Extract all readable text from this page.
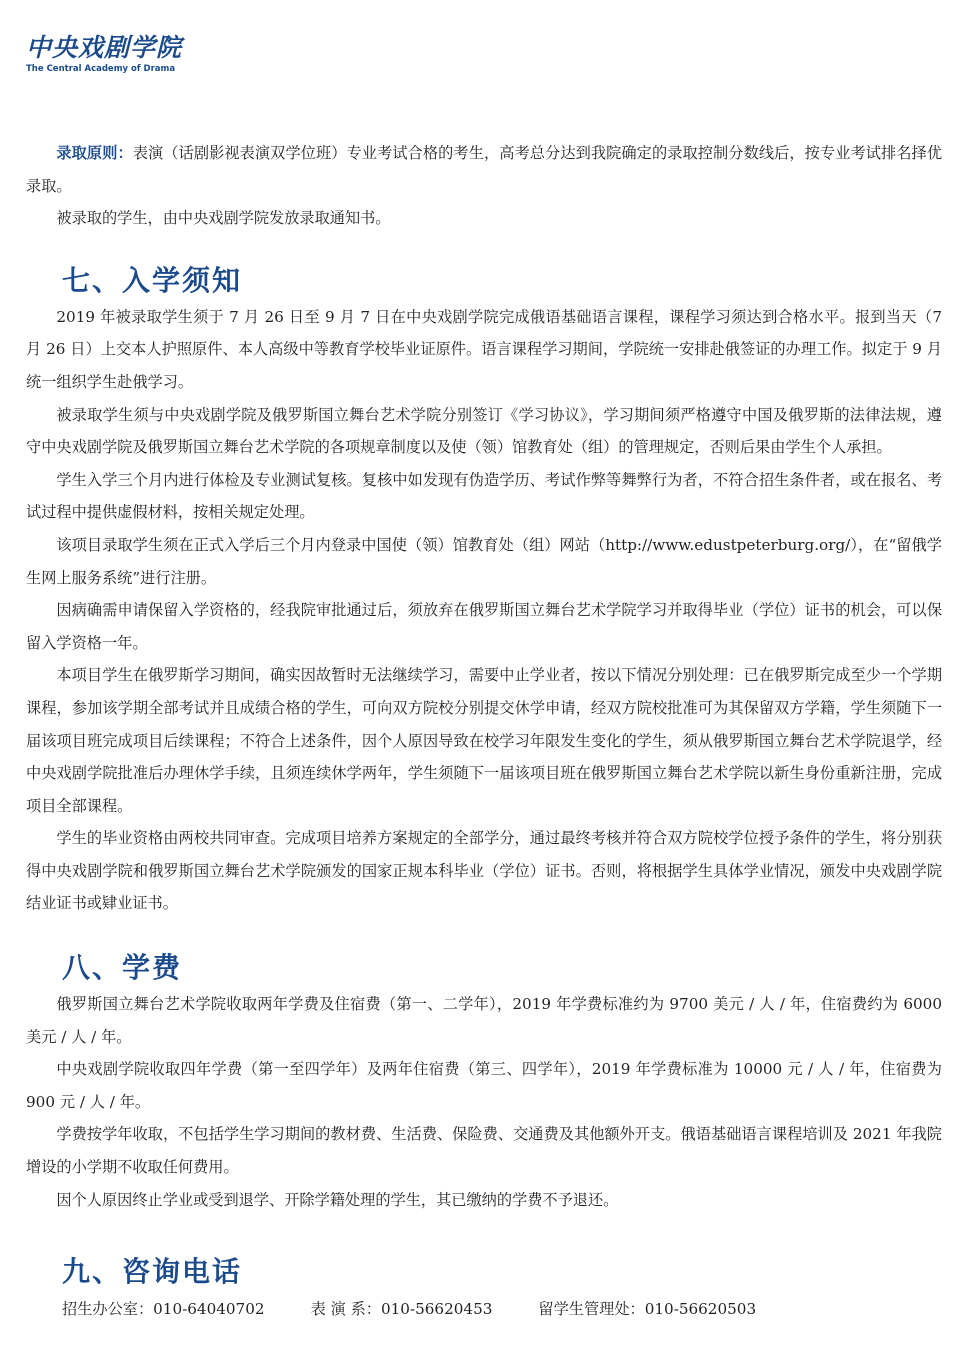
中央戏剧学院
The Central Academy of Drama

录取原则：表演（话剧影视表演双学位班）专业考试合格的考生，高考总分达到我院确定的录取控制分数线后，按专业考试排名择优录取。

被录取的学生，由中央戏剧学院发放录取通知书。

七、入学须知

2019 年被录取学生须于 7 月 26 日至 9 月 7 日在中央戏剧学院完成俄语基础语言课程，课程学习须达到合格水平。报到当天（7 月 26 日）上交本人护照原件、本人高级中等教育学校毕业证原件。语言课程学习期间，学院统一安排赴俄签证的办理工作。拟定于 9 月统一组织学生赴俄学习。

被录取学生须与中央戏剧学院及俄罗斯国立舞台艺术学院分别签订《学习协议》，学习期间须严格遵守中国及俄罗斯的法律法规，遵守中央戏剧学院及俄罗斯国立舞台艺术学院的各项规章制度以及使（领）馆教育处（组）的管理规定，否则后果由学生个人承担。

学生入学三个月内进行体检及专业测试复核。复核中如发现有伪造学历、考试作弊等舞弊行为者，不符合招生条件者，或在报名、考试过程中提供虚假材料，按相关规定处理。

该项目录取学生须在正式入学后三个月内登录中国使（领）馆教育处（组）网站（http://www.edustpeterburg.org/），在“留俄学生网上服务系统”进行注册。

因病确需申请保留入学资格的，经我院审批通过后，须放弃在俄罗斯国立舞台艺术学院学习并取得毕业（学位）证书的机会，可以保留入学资格一年。

本项目学生在俄罗斯学习期间，确实因故暂时无法继续学习，需要中止学业者，按以下情况分别处理：已在俄罗斯完成至少一个学期课程，参加该学期全部考试并且成绩合格的学生，可向双方院校分别提交休学申请，经双方院校批准可为其保留双方学籍，学生须随下一届该项目班完成项目后续课程；不符合上述条件，因个人原因导致在校学习年限发生变化的学生，须从俄罗斯国立舞台艺术学院退学，经中央戏剧学院批准后办理休学手续，且须连续休学两年，学生须随下一届该项目班在俄罗斯国立舞台艺术学院以新生身份重新注册，完成项目全部课程。

学生的毕业资格由两校共同审查。完成项目培养方案规定的全部学分，通过最终考核并符合双方院校学位授予条件的学生，将分别获得中央戏剧学院和俄罗斯国立舞台艺术学院颁发的国家正规本科毕业（学位）证书。否则，将根据学生具体学业情况，颁发中央戏剧学院结业证书或肄业证书。

八、学费

俄罗斯国立舞台艺术学院收取两年学费及住宿费（第一、二学年），2019 年学费标准约为 9700 美元 / 人 / 年，住宿费约为 6000 美元 / 人 / 年。

中央戏剧学院收取四年学费（第一至四学年）及两年住宿费（第三、四学年），2019 年学费标准为 10000 元 / 人 / 年，住宿费为 900 元 / 人 / 年。

学费按学年收取，不包括学生学习期间的教材费、生活费、保险费、交通费及其他额外开支。俄语基础语言课程培训及 2021 年我院增设的小学期不收取任何费用。

因个人原因终止学业或受到退学、开除学籍处理的学生，其已缴纳的学费不予退还。

九、咨询电话
招生办公室：010-64040702	表 演 系：010-56620453	留学生管理处：010-56620503
